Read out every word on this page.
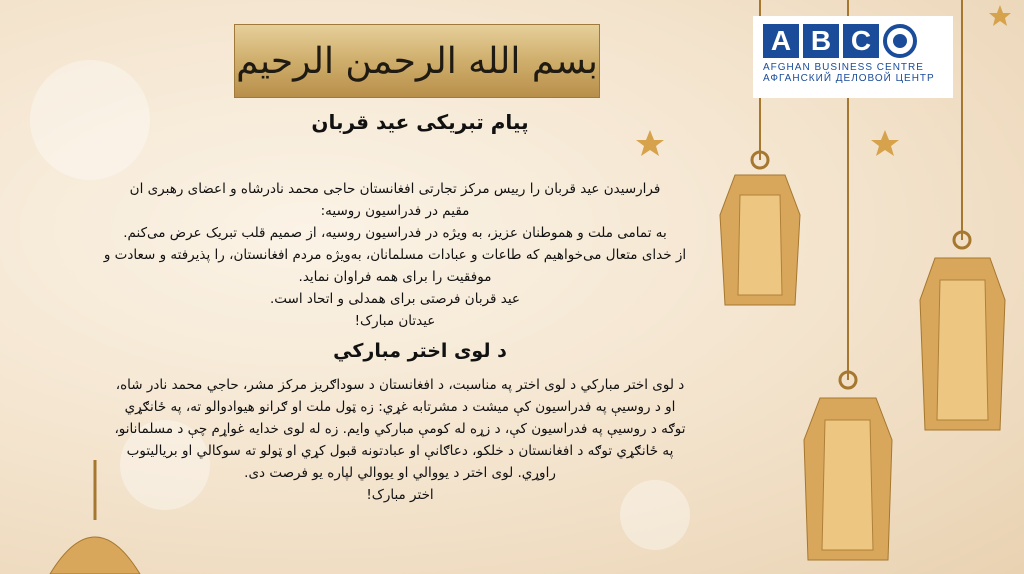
بسم الله الرحمن الرحيم	A B C
AFGHAN BUSINESS CENTRE
АФГАНСКИЙ ДЕЛОВОЙ ЦЕНТР
پیام تبریکی عید قربان
فرارسیدن عید قربان را رییس مرکز تجارتی افغانستان حاجی محمد نادرشاه و اعضای رهبری ان
مقیم در فدراسیون روسیه:
به تمامی ملت و هموطنان عزیز، به ویژه در فدراسیون روسیه، از صمیم قلب تبریک عرض می‌کنم.
از خدای متعال می‌خواهیم که طاعات و عبادات مسلمانان، بەویژه مردم افغانستان، را پذیرفته و سعادت و
موفقیت را برای همه فراوان نماید.
عید قربان فرصتی برای همدلی و اتحاد است.
عیدتان مبارک!
د لوی اختر مبارکي
د لوی اختر مبارکي د لوی اختر په مناسبت، د افغانستان د سوداګریز مرکز مشر، حاجي محمد نادر شاه،
او د روسیې په فدراسیون کې میشت د مشرتابه غړي: زه ټول ملت او ګرانو هیوادوالو ته، په ځانګړي
توګه د روسیې په فدراسیون کې، د زړه له کومې مبارکي وایم. زه له لوی خدایه غواړم چې د مسلمانانو،
په ځانګړي توګه د افغانستان د خلکو، دعاګانې او عبادتونه قبول کړي او ټولو ته سوکالي او بریالیتوب
راوړي. لوی اختر د یووالي او یووالي لپاره یو فرصت دی.
اختر مبارک!
